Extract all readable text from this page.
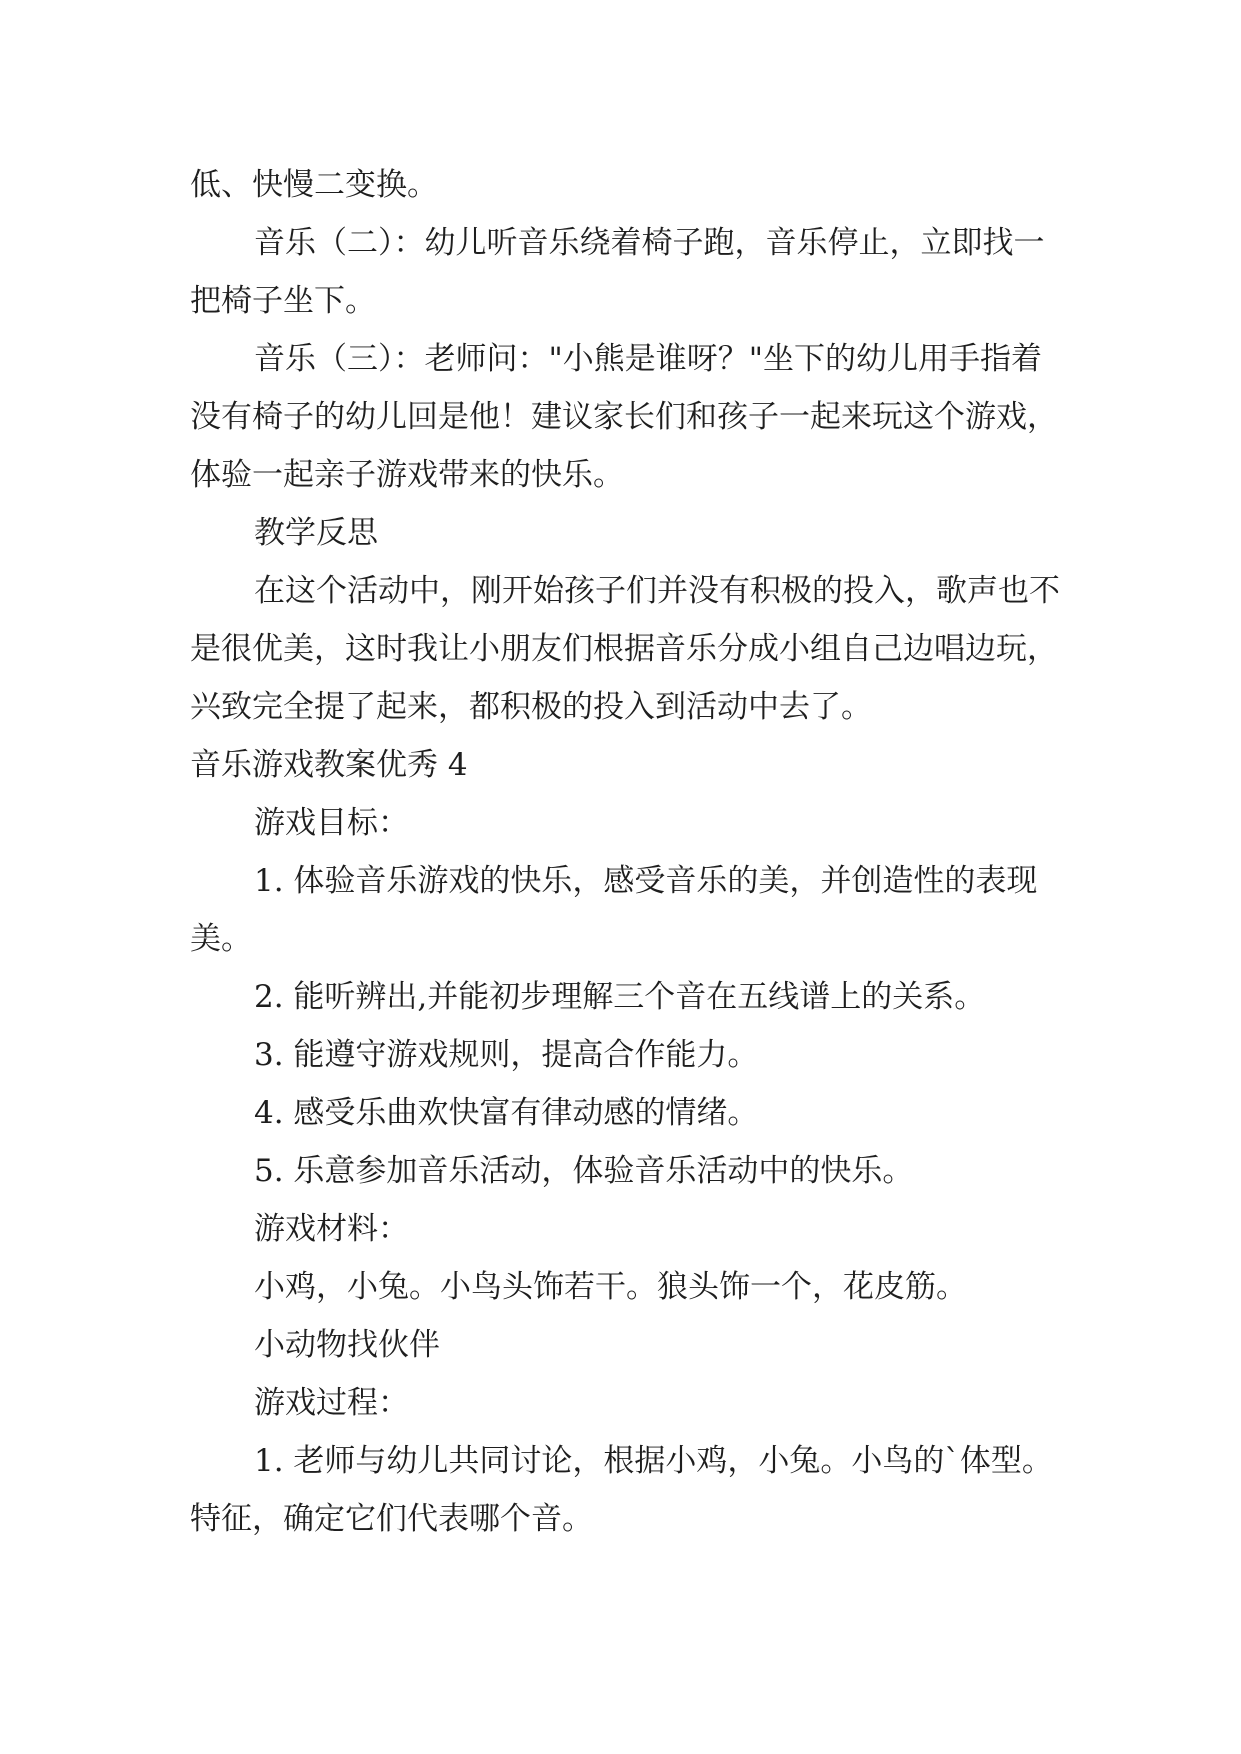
低、快慢二变换。

音乐（二）：幼儿听音乐绕着椅子跑，音乐停止，立即找一把椅子坐下。

音乐（三）：老师问："小熊是谁呀？"坐下的幼儿用手指着没有椅子的幼儿回是他！建议家长们和孩子一起来玩这个游戏，体验一起亲子游戏带来的快乐。

教学反思

在这个活动中，刚开始孩子们并没有积极的投入，歌声也不是很优美，这时我让小朋友们根据音乐分成小组自己边唱边玩，兴致完全提了起来，都积极的投入到活动中去了。

音乐游戏教案优秀 4

游戏目标：

1. 体验音乐游戏的快乐，感受音乐的美，并创造性的表现美。

2. 能听辨出,并能初步理解三个音在五线谱上的关系。

3. 能遵守游戏规则，提高合作能力。

4. 感受乐曲欢快富有律动感的情绪。

5. 乐意参加音乐活动，体验音乐活动中的快乐。

游戏材料：

小鸡，小兔。小鸟头饰若干。狼头饰一个，花皮筋。

小动物找伙伴

游戏过程：

1. 老师与幼儿共同讨论，根据小鸡，小兔。小鸟的`体型。特征，确定它们代表哪个音。
